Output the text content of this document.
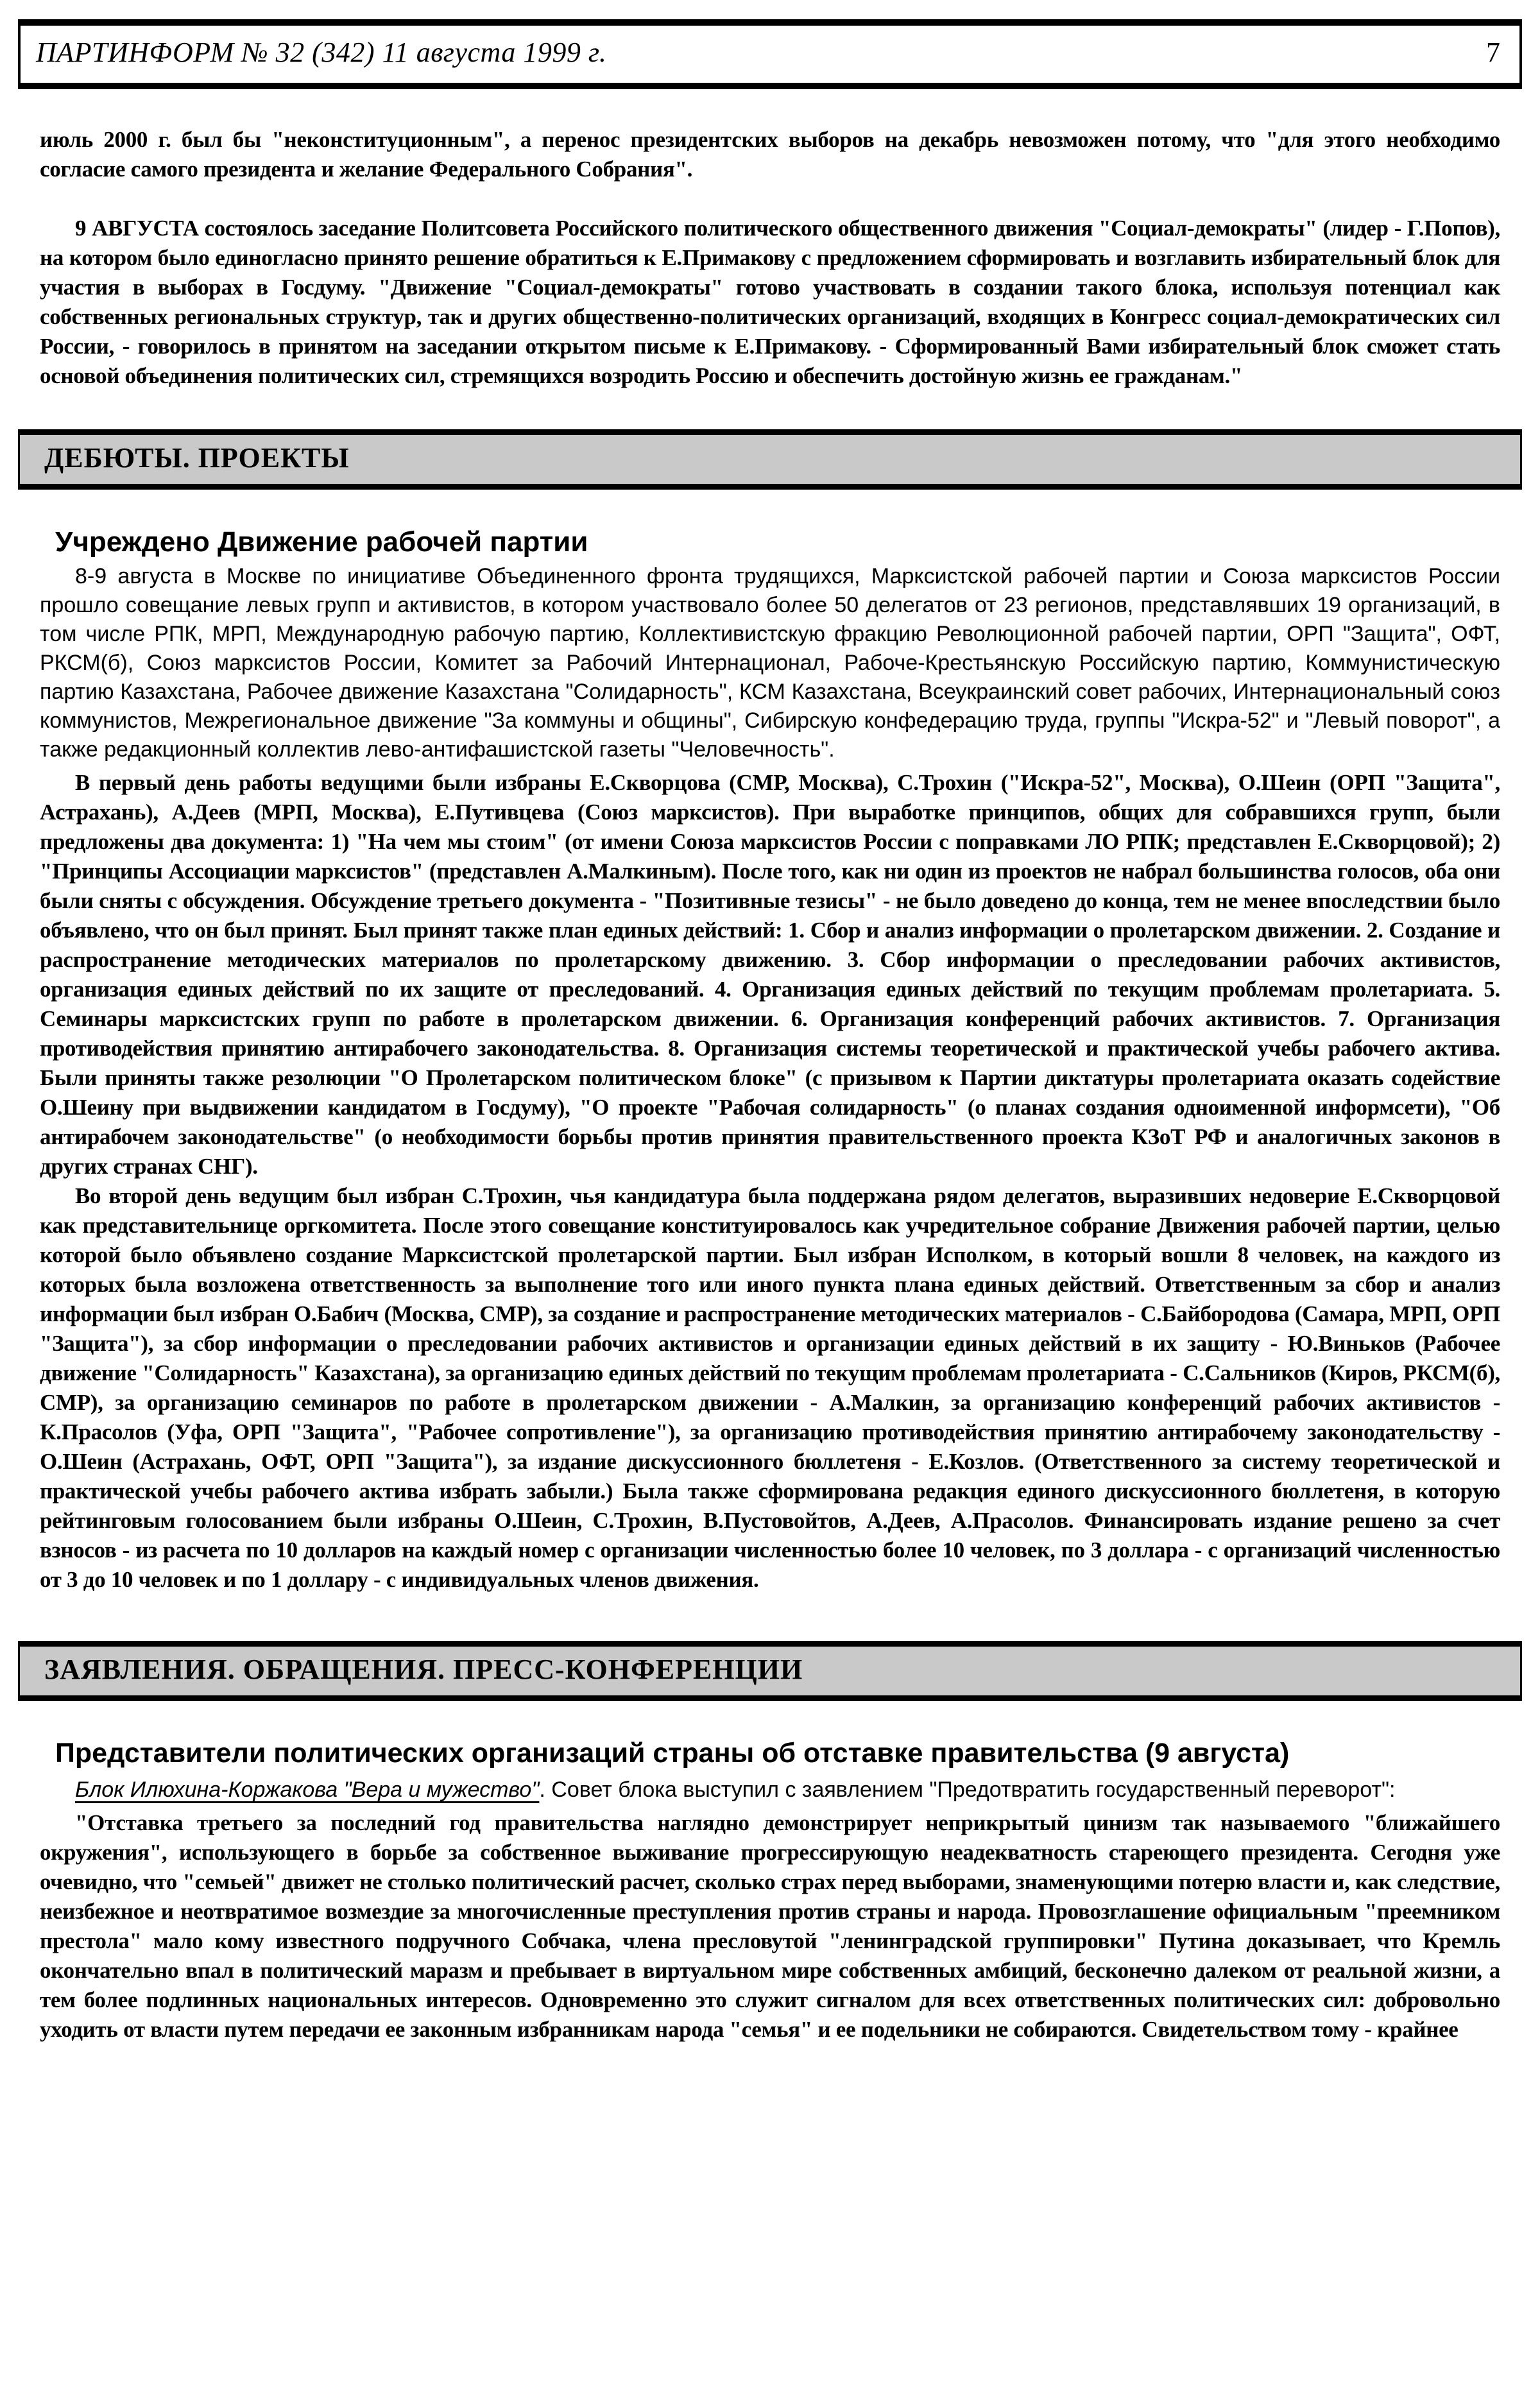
ПАРТИНФОРМ № 32 (342) 11 августа 1999 г.	7

июль 2000 г. был бы "неконституционным", а перенос президентских выборов на декабрь невозможен потому, что "для этого необходимо согласие самого президента и желание Федерального Собрания".

9 АВГУСТА состоялось заседание Политсовета Российского политического общественного движения "Социал-демократы" (лидер - Г.Попов), на котором было единогласно принято решение обратиться к Е.Примакову с предложением сформировать и возглавить избирательный блок для участия в выборах в Госдуму. "Движение "Социал-демократы" готово участвовать в создании такого блока, используя потенциал как собственных региональных структур, так и других общественно-политических организаций, входящих в Конгресс социал-демократических сил России, - говорилось в принятом на заседании открытом письме к Е.Примакову. - Сформированный Вами избирательный блок сможет стать основой объединения политических сил, стремящихся возродить Россию и обеспечить достойную жизнь ее гражданам."

ДЕБЮТЫ. ПРОЕКТЫ
Учреждено Движение рабочей партии

8-9 августа в Москве по инициативе Объединенного фронта трудящихся, Марксистской рабочей партии и Союза марксистов России прошло совещание левых групп и активистов, в котором участвовало более 50 делегатов от 23 регионов, представлявших 19 организаций, в том числе РПК, МРП, Международную рабочую партию, Коллективистскую фракцию Революционной рабочей партии, ОРП "Защита", ОФТ, РКСМ(б), Союз марксистов России, Комитет за Рабочий Интернационал, Рабоче-Крестьянскую Российскую партию, Коммунистическую партию Казахстана, Рабочее движение Казахстана "Солидарность", КСМ Казахстана, Всеукраинский совет рабочих, Интернациональный союз коммунистов, Межрегиональное движение "За коммуны и общины", Сибирскую конфедерацию труда, группы "Искра-52" и "Левый поворот", а также редакционный коллектив лево-антифашистской газеты "Человечность".

В первый день работы ведущими были избраны Е.Скворцова (СМР, Москва), С.Трохин ("Искра-52", Москва), О.Шеин (ОРП "Защита", Астрахань), А.Деев (МРП, Москва), Е.Путивцева (Союз марксистов). При выработке принципов, общих для собравшихся групп, были предложены два документа: 1) "На чем мы стоим" (от имени Союза марксистов России с поправками ЛО РПК; представлен Е.Скворцовой); 2) "Принципы Ассоциации марксистов" (представлен А.Малкиным). После того, как ни один из проектов не набрал большинства голосов, оба они были сняты с обсуждения. Обсуждение третьего документа - "Позитивные тезисы" - не было доведено до конца, тем не менее впоследствии было объявлено, что он был принят. Был принят также план единых действий: 1. Сбор и анализ информации о пролетарском движении. 2. Создание и распространение методических материалов по пролетарскому движению. 3. Сбор информации о преследовании рабочих активистов, организация единых действий по их защите от преследований. 4. Организация единых действий по текущим проблемам пролетариата. 5. Семинары марксистских групп по работе в пролетарском движении. 6. Организация конференций рабочих активистов. 7. Организация противодействия принятию антирабочего законодательства. 8. Организация системы теоретической и практической учебы рабочего актива. Были приняты также резолюции "О Пролетарском политическом блоке" (с призывом к Партии диктатуры пролетариата оказать содействие О.Шеину при выдвижении кандидатом в Госдуму), "О проекте "Рабочая солидарность" (о планах создания одноименной информсети), "Об антирабочем законодательстве" (о необходимости борьбы против принятия правительственного проекта КЗоТ РФ и аналогичных законов в других странах СНГ).

Во второй день ведущим был избран С.Трохин, чья кандидатура была поддержана рядом делегатов, выразивших недоверие Е.Скворцовой как представительнице оргкомитета. После этого совещание конституировалось как учредительное собрание Движения рабочей партии, целью которой было объявлено создание Марксистской пролетарской партии. Был избран Исполком, в который вошли 8 человек, на каждого из которых была возложена ответственность за выполнение того или иного пункта плана единых действий. Ответственным за сбор и анализ информации был избран О.Бабич (Москва, СМР), за создание и распространение методических материалов - С.Байбородова (Самара, МРП, ОРП "Защита"), за сбор информации о преследовании рабочих активистов и организации единых действий в их защиту - Ю.Виньков (Рабочее движение "Солидарность" Казахстана), за организацию единых действий по текущим проблемам пролетариата - С.Сальников (Киров, РКСМ(б), СМР), за организацию семинаров по работе в пролетарском движении - А.Малкин, за организацию конференций рабочих активистов - К.Прасолов (Уфа, ОРП "Защита", "Рабочее сопротивление"), за организацию противодействия принятию антирабочему законодательству - О.Шеин (Астрахань, ОФТ, ОРП "Защита"), за издание дискуссионного бюллетеня - Е.Козлов. (Ответственного за систему теоретической и практической учебы рабочего актива избрать забыли.) Была также сформирована редакция единого дискуссионного бюллетеня, в которую рейтинговым голосованием были избраны О.Шеин, С.Трохин, В.Пустовойтов, А.Деев, А.Прасолов. Финансировать издание решено за счет взносов - из расчета по 10 долларов на каждый номер с организации численностью более 10 человек, по 3 доллара - с организаций численностью от 3 до 10 человек и по 1 доллару - с индивидуальных членов движения.

ЗАЯВЛЕНИЯ. ОБРАЩЕНИЯ. ПРЕСС-КОНФЕРЕНЦИИ
Представители политических организаций страны об отставке правительства (9 августа)

Блок Илюхина-Коржакова "Вера и мужество". Совет блока выступил с заявлением "Предотвратить государственный переворот":

"Отставка третьего за последний год правительства наглядно демонстрирует неприкрытый цинизм так называемого "ближайшего окружения", использующего в борьбе за собственное выживание прогрессирующую неадекватность стареющего президента. Сегодня уже очевидно, что "семьей" движет не столько политический расчет, сколько страх перед выборами, знаменующими потерю власти и, как следствие, неизбежное и неотвратимое возмездие за многочисленные преступления против страны и народа. Провозглашение официальным "преемником престола" мало кому известного подручного Собчака, члена пресловутой "ленинградской группировки" Путина доказывает, что Кремль окончательно впал в политический маразм и пребывает в виртуальном мире собственных амбиций, бесконечно далеком от реальной жизни, а тем более подлинных национальных интересов. Одновременно это служит сигналом для всех ответственных политических сил: добровольно уходить от власти путем передачи ее законным избранникам народа "семья" и ее подельники не собираются. Свидетельством тому - крайнее
